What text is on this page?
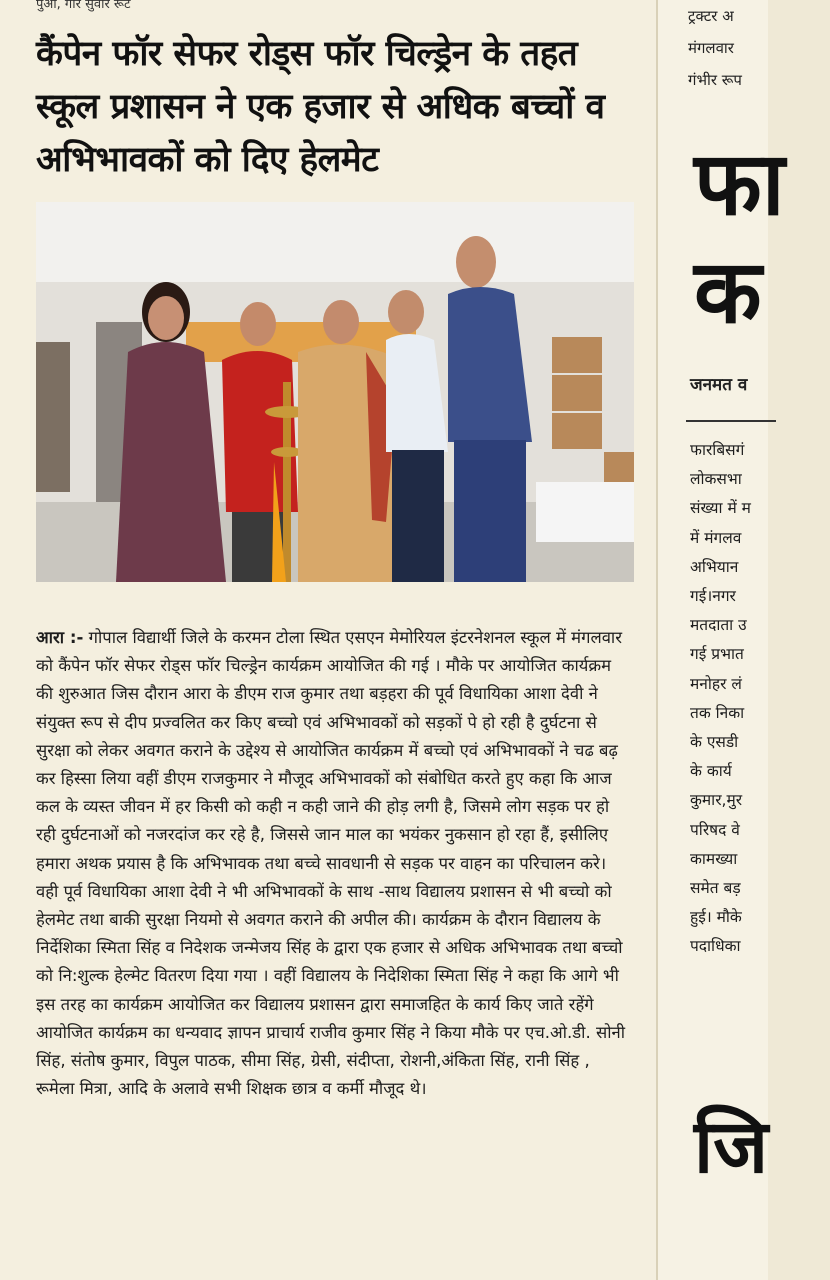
पुआ, गार सुवार रूट
कैंपेन फॉर सेफर रोड्स फॉर चिल्ड्रेन के तहत स्कूल प्रशासन ने एक हजार से अधिक बच्चों व अभिभावकों को दिए हेलमेट

आरा :- गोपाल विद्यार्थी जिले के करमन टोला स्थित एसएन मेमोरियल इंटरनेशनल स्कूल में मंगलवार को कैंपेन फॉर सेफर रोड्स फॉर चिल्ड्रेन कार्यक्रम आयोजित की गई । मौके पर आयोजित कार्यक्रम की शुरुआत जिस दौरान आरा के डीएम राज कुमार तथा बड़हरा की पूर्व विधायिका आशा देवी ने संयुक्त रूप से दीप प्रज्वलित कर किए बच्चो एवं अभिभावकों को सड़कों पे हो रही है दुर्घटना से सुरक्षा को लेकर अवगत कराने के उद्देश्य से आयोजित कार्यक्रम में बच्चो एवं अभिभावकों ने चढ बढ़ कर हिस्सा लिया वहीं डीएम राजकुमार ने मौजूद अभिभावकों को संबोधित करते हुए कहा कि आज कल के व्यस्त जीवन में हर किसी को कही न कही जाने की होड़ लगी है, जिसमे लोग सड़क पर हो रही दुर्घटनाओं को नजरदांज कर रहे है, जिससे जान माल का भयंकर नुकसान हो रहा हैं, इसीलिए हमारा अथक प्रयास है कि अभिभावक तथा बच्चे सावधानी से सड़क पर वाहन का परिचालन करे। वही पूर्व विधायिका आशा देवी ने भी अभिभावकों के साथ -साथ विद्यालय प्रशासन से भी बच्चो को हेलमेट तथा बाकी सुरक्षा नियमो से अवगत कराने की अपील की। कार्यक्रम के दौरान विद्यालय के निर्देशिका स्मिता सिंह व निदेशक जन्मेजय सिंह के द्वारा एक हजार से अधिक अभिभावक तथा बच्चो को नि:शुल्क हेल्मेट वितरण दिया गया । वहीं विद्यालय के निदेशिका स्मिता सिंह ने कहा कि आगे भी इस तरह का कार्यक्रम आयोजित कर विद्यालय प्रशासन द्वारा समाजहित के कार्य किए जाते रहेंगे आयोजित कार्यक्रम का धन्यवाद ज्ञापन प्राचार्य राजीव कुमार सिंह ने किया मौके पर एच.ओ.डी. सोनी सिंह, संतोष कुमार, विपुल पाठक, सीमा सिंह, ग्रेसी, संदीप्ता, रोशनी,अंकिता सिंह, रानी सिंह , रूमेला मित्रा, आदि के अलावे सभी शिक्षक छात्र व कर्मी मौजूद थे।

ट्रक्टर अ
मंगलवार
गंभीर रूप
फा
क
जनमत व
फारबिसगं
लोकसभा
संख्या में म
में मंगलव
अभियान
गई।नगर
मतदाता उ
गई प्रभात
मनोहर लं
तक निका
के एसडी
के कार्य
कुमार,मुर
परिषद वे
कामख्या
समेत बड़
हुई। मौके
पदाधिका
जि
